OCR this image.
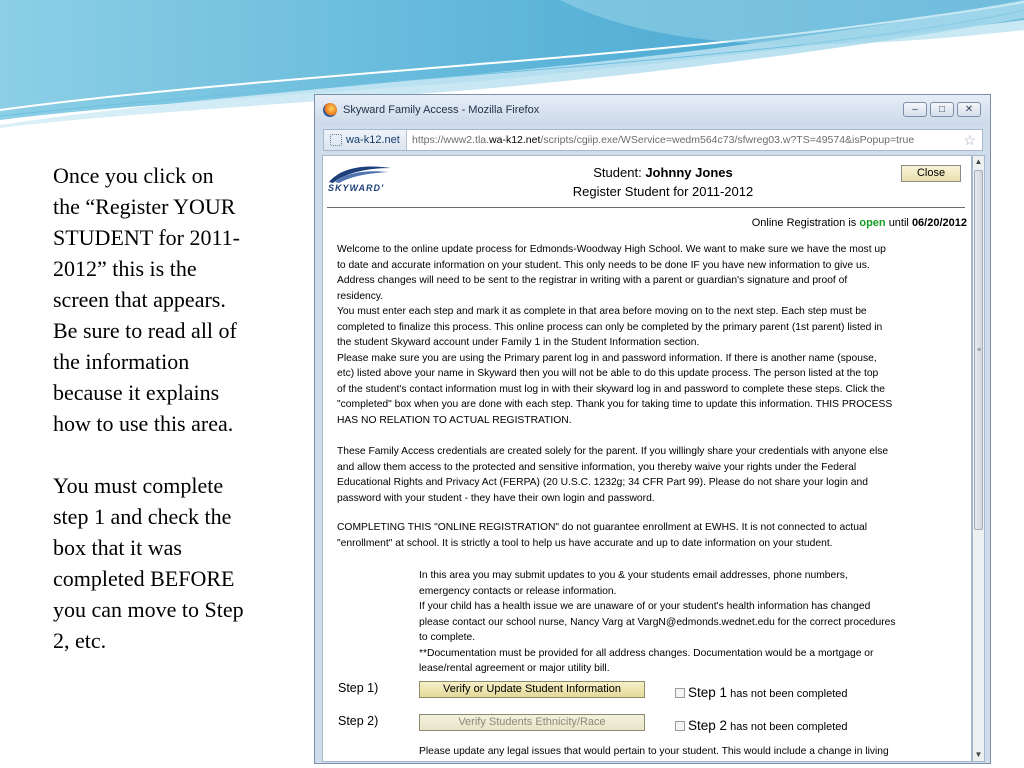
Once you click on
the “Register YOUR
STUDENT for 2011-
2012” this is the
screen that appears.
Be sure to read all of
the information
because it explains
how to use this area.

You must complete
step 1 and check the
box that it was
completed BEFORE
you can move to Step
2, etc.

Skyward Family Access - Mozilla Firefox	–	□	✕
wa-k12.net	https://www2.tla.wa-k12.net/scripts/cgiip.exe/WService=wedm564c73/sfwreg03.w?TS=49574&isPopup=true	☆
SKYWARD'
Student: Johnny Jones
Register Student for 2011-2012
Close
Online Registration is open until 06/20/2012
Welcome to the online update process for Edmonds-Woodway High School. We want to make sure we have the most up
to date and accurate information on your student. This only needs to be done IF you have new information to give us.
Address changes will need to be sent to the registrar in writing with a parent or guardian's signature and proof of
residency.
You must enter each step and mark it as complete in that area before moving on to the next step. Each step must be
completed to finalize this process. This online process can only be completed by the primary parent (1st parent) listed in
the student Skyward account under Family 1 in the Student Information section.
Please make sure you are using the Primary parent log in and password information. If there is another name (spouse,
etc) listed above your name in Skyward then you will not be able to do this update process. The person listed at the top
of the student's contact information must log in with their skyward log in and password to complete these steps. Click the
"completed" box when you are done with each step. Thank you for taking time to update this information. THIS PROCESS
HAS NO RELATION TO ACTUAL REGISTRATION.
These Family Access credentials are created solely for the parent. If you willingly share your credentials with anyone else
and allow them access to the protected and sensitive information, you thereby waive your rights under the Federal
Educational Rights and Privacy Act (FERPA) (20 U.S.C. 1232g; 34 CFR Part 99). Please do not share your login and
password with your student - they have their own login and password.
COMPLETING THIS "ONLINE REGISTRATION" do not guarantee enrollment at EWHS. It is not connected to actual
"enrollment" at school. It is strictly a tool to help us have accurate and up to date information on your student.
In this area you may submit updates to you & your students email addresses, phone numbers,
emergency contacts or release information.
If your child has a health issue we are unaware of or your student's health information has changed
please contact our school nurse, Nancy Varg at VargN@edmonds.wednet.edu for the correct procedures
to complete.
**Documentation must be provided for all address changes. Documentation would be a mortgage or
lease/rental agreement or major utility bill.
Step 1)	Verify or Update Student Information	Step 1 has not been completed
Step 2)	Verify Students Ethnicity/Race	Step 2 has not been completed
Please update any legal issues that would pertain to your student. This would include a change in living
▲
≡
▼
